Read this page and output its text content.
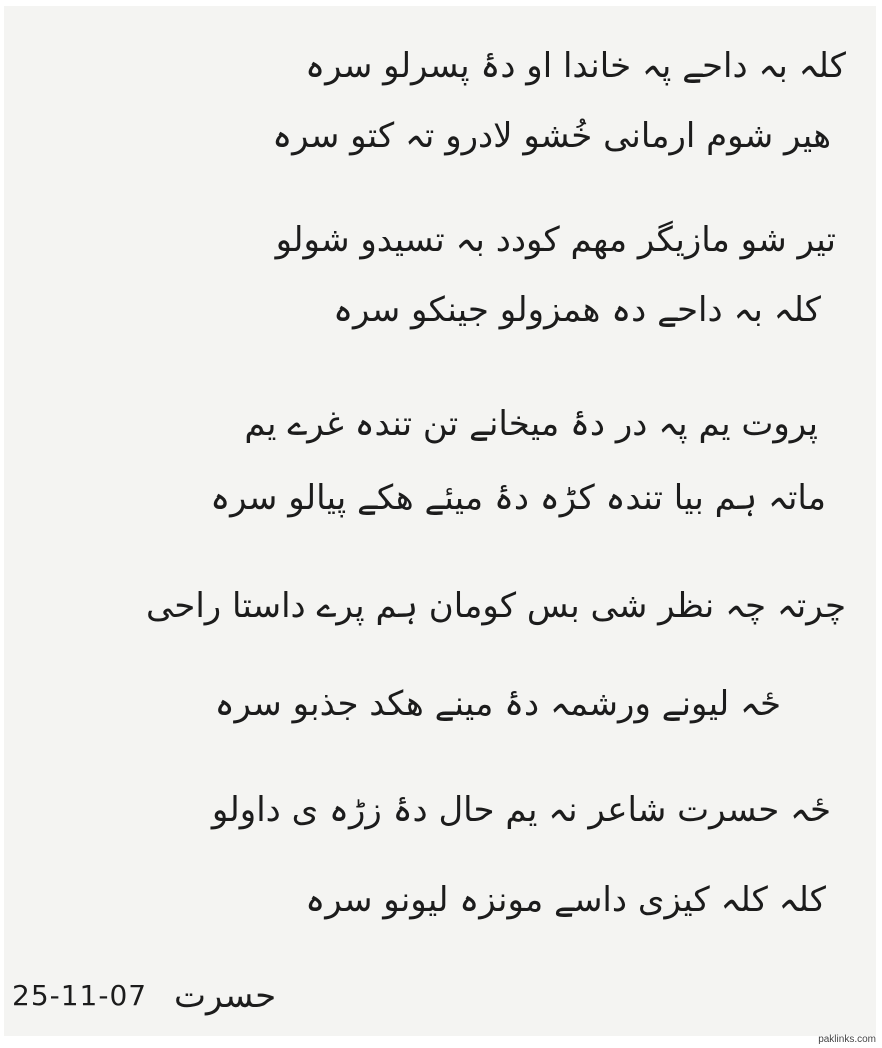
کلہ بہ داحے پہ خاندا او دۂ پسرلو سرہ
ھیر شوم ارمانی خُشو لادرو تہ کتو سرہ
تیر شو مازیگر مھم کودد بہ تسیدو شولو
کلہ بہ داحے دہ ھمزولو جینکو سرہ
پروت یم پہ در دۂ میخانے تن تندہ غرے یم
ماتہ ہم بیا تندہ کڑہ دۂ میئے ھکے پیالو سرہ
چرتہ چہ نظر شی بس کومان ہم پرے داستا راحی
ځہ لیونے ورشمہ دۂ مینے ھکد جذبو سرہ
ځہ حسرت شاعر نہ یم حال دۂ زڑہ ی داولو
کلہ کلہ کیزی داسے مونزہ لیونو سرہ
25-11-07 حسرت
paklinks.com
